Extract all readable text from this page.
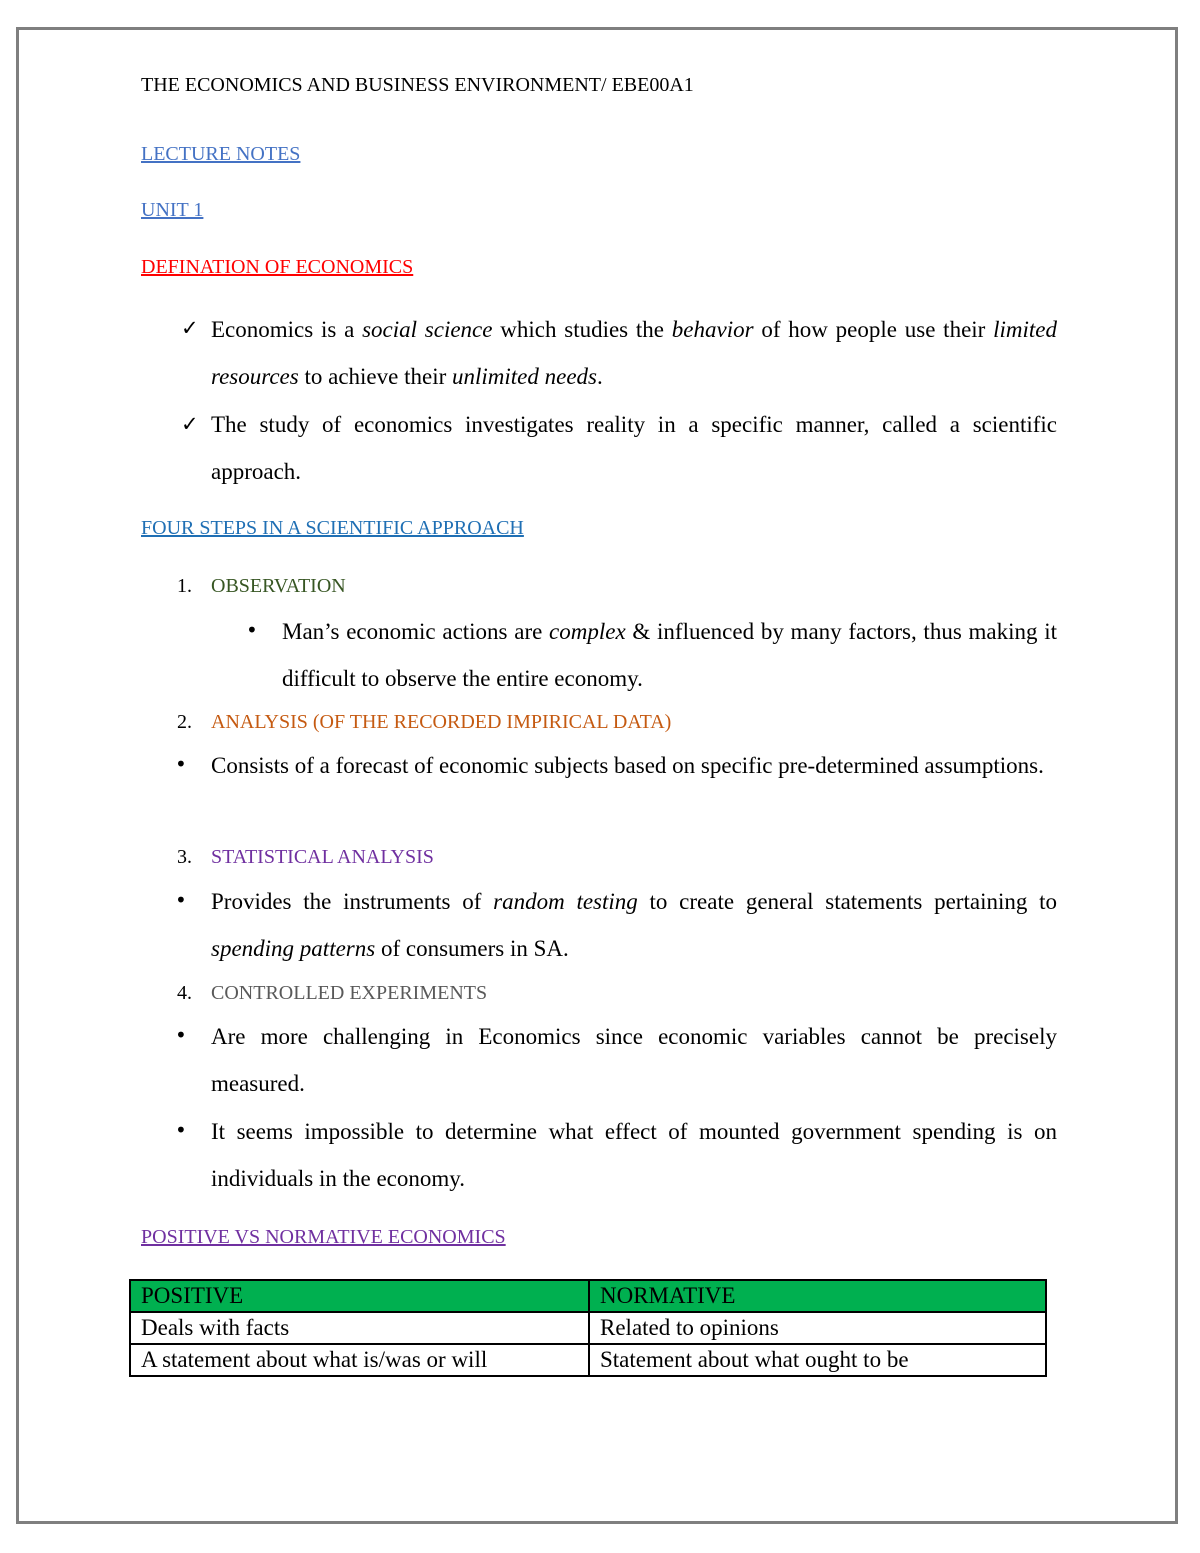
THE ECONOMICS AND BUSINESS ENVIRONMENT/ EBE00A1
LECTURE NOTES
UNIT 1
DEFINATION OF ECONOMICS
✓ Economics is a social science which studies the behavior of how people use their limited resources to achieve their unlimited needs.
✓ The study of economics investigates reality in a specific manner, called a scientific approach.
FOUR STEPS IN A SCIENTIFIC APPROACH
1. OBSERVATION
• Man’s economic actions are complex & influenced by many factors, thus making it difficult to observe the entire economy.
2. ANALYSIS (OF THE RECORDED IMPIRICAL DATA)
• Consists of a forecast of economic subjects based on specific pre-determined assumptions.
3. STATISTICAL ANALYSIS
• Provides the instruments of random testing to create general statements pertaining to spending patterns of consumers in SA.
4. CONTROLLED EXPERIMENTS
• Are more challenging in Economics since economic variables cannot be precisely measured.
• It seems impossible to determine what effect of mounted government spending is on individuals in the economy.
POSITIVE VS NORMATIVE ECONOMICS
POSITIVE	NORMATIVE
Deals with facts	Related to opinions
A statement about what is/was or will	Statement about what ought to be
